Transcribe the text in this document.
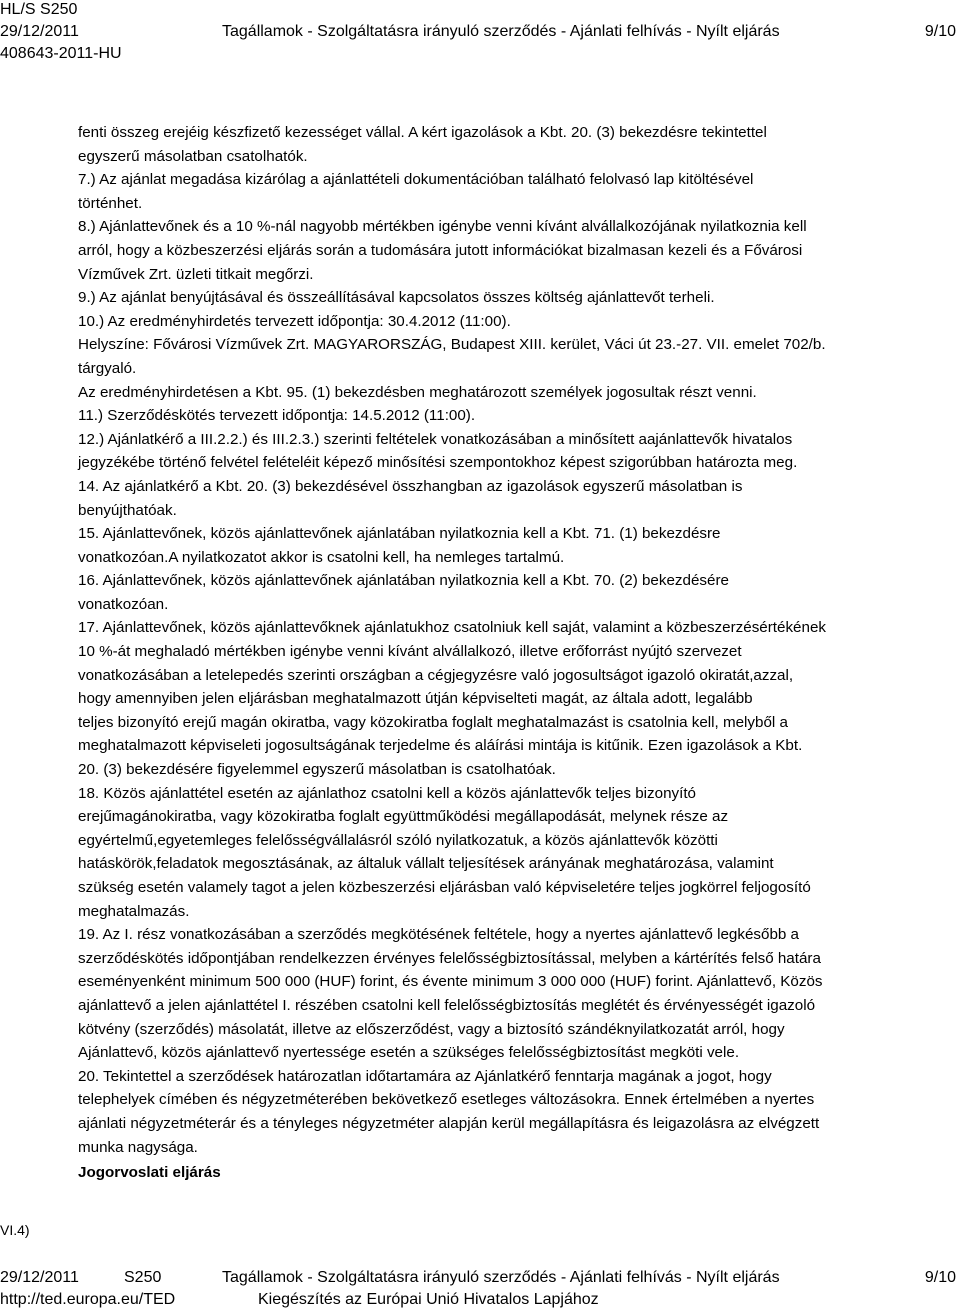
HL/S S250
29/12/2011
408643-2011-HU
Tagállamok - Szolgáltatásra irányuló szerződés - Ajánlati felhívás - Nyílt eljárás	9/10

fenti összeg erejéig készfizető kezességet vállal. A kért igazolások a Kbt. 20. (3) bekezdésre tekintettel

egyszerű másolatban csatolhatók.

7.) Az ajánlat megadása kizárólag a ajánlattételi dokumentációban található felolvasó lap kitöltésével

történhet.

8.) Ajánlattevőnek és a 10 %-nál nagyobb mértékben igénybe venni kívánt alvállalkozójának nyilatkoznia kell

arról, hogy a közbeszerzési eljárás során a tudomására jutott információkat bizalmasan kezeli és a Fővárosi

Vízművek Zrt. üzleti titkait megőrzi.

9.) Az ajánlat benyújtásával és összeállításával kapcsolatos összes költség ajánlattevőt terheli.

10.) Az eredményhirdetés tervezett időpontja: 30.4.2012 (11:00).

Helyszíne: Fővárosi Vízművek Zrt. MAGYARORSZÁG, Budapest XIII. kerület, Váci út 23.-27. VII. emelet 702/b.

tárgyaló.

Az eredményhirdetésen a Kbt. 95. (1) bekezdésben meghatározott személyek jogosultak részt venni.

11.) Szerződéskötés tervezett időpontja: 14.5.2012 (11:00).

12.) Ajánlatkérő a III.2.2.) és III.2.3.) szerinti feltételek vonatkozásában a minősített aajánlattevők hivatalos

jegyzékébe történő felvétel felételéit képező minősítési szempontokhoz képest szigorúbban határozta meg.

14. Az ajánlatkérő a Kbt. 20. (3) bekezdésével összhangban az igazolások egyszerű másolatban is

benyújthatóak.

15. Ajánlattevőnek, közös ajánlattevőnek ajánlatában nyilatkoznia kell a Kbt. 71. (1) bekezdésre

vonatkozóan.A nyilatkozatot akkor is csatolni kell, ha nemleges tartalmú.

16. Ajánlattevőnek, közös ajánlattevőnek ajánlatában nyilatkoznia kell a Kbt. 70. (2) bekezdésére

vonatkozóan.

17. Ajánlattevőnek, közös ajánlattevőknek ajánlatukhoz csatolniuk kell saját, valamint a közbeszerzésértékének

10 %-át meghaladó mértékben igénybe venni kívánt alvállalkozó, illetve erőforrást nyújtó szervezet

vonatkozásában a letelepedés szerinti országban a cégjegyzésre való jogosultságot igazoló okiratát,azzal,

hogy amennyiben jelen eljárásban meghatalmazott útján képviselteti magát, az általa adott, legalább

teljes bizonyító erejű magán okiratba, vagy közokiratba foglalt meghatalmazást is csatolnia kell, melyből a

meghatalmazott képviseleti jogosultságának terjedelme és aláírási mintája is kitűnik. Ezen igazolások a Kbt.

20. (3) bekezdésére figyelemmel egyszerű másolatban is csatolhatóak.

18. Közös ajánlattétel esetén az ajánlathoz csatolni kell a közös ajánlattevők teljes bizonyító

erejűmagánokiratba, vagy közokiratba foglalt együttműködési megállapodását, melynek része az

egyértelmű,egyetemleges felelősségvállalásról szóló nyilatkozatuk, a közös ajánlattevők közötti

hatáskörök,feladatok megosztásának, az általuk vállalt teljesítések arányának meghatározása, valamint

szükség esetén valamely tagot a jelen közbeszerzési eljárásban való képviseletére teljes jogkörrel feljogosító

meghatalmazás.

19. Az I. rész vonatkozásában a szerződés megkötésének feltétele, hogy a nyertes ajánlattevő legkésőbb a

szerződéskötés időpontjában rendelkezzen érvényes felelősségbiztosítással, melyben a kártérítés felső határa

eseményenként minimum 500 000 (HUF) forint, és évente minimum 3 000 000 (HUF) forint. Ajánlattevő, Közös

ajánlattevő a jelen ajánlattétel I. részében csatolni kell felelősségbiztosítás meglétét és érvényességét igazoló

kötvény (szerződés) másolatát, illetve az előszerződést, vagy a biztosító szándéknyilatkozatát arról, hogy

Ajánlattevő, közös ajánlattevő nyertessége esetén a szükséges felelősségbiztosítást megköti vele.

20. Tekintettel a szerződések határozatlan időtartamára az Ajánlatkérő fenntarja magának a jogot, hogy

telephelyek címében és négyzetméterében bekövetkező esetleges változásokra. Ennek értelmében a nyertes

ajánlati négyzetméterár és a tényleges négyzetméter alapján kerül megállapításra és leigazolásra az elvégzett

munka nagysága.

Jogorvoslati eljárás

VI.4)
29/12/2011	S250	Tagállamok - Szolgáltatásra irányuló szerződés - Ajánlati felhívás - Nyílt eljárás	9/10
http://ted.europa.eu/TED	Kiegészítés az Európai Unió Hivatalos Lapjához
